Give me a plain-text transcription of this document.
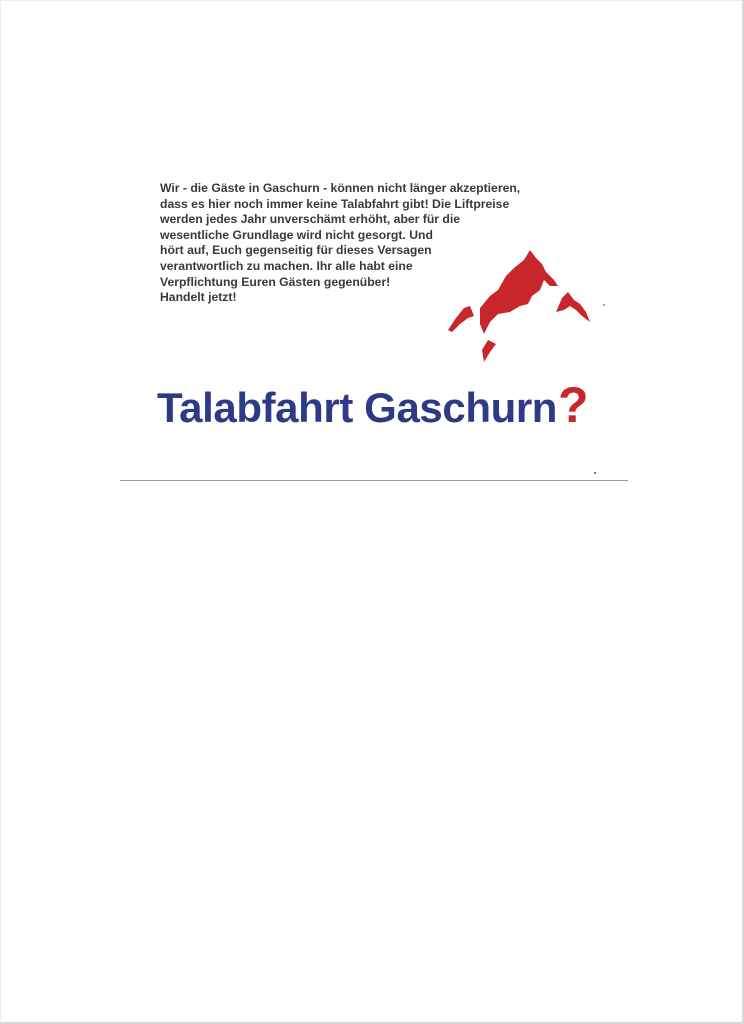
Wir - die Gäste in Gaschurn - können nicht länger akzeptieren,
dass es hier noch immer keine Talabfahrt gibt! Die Liftpreise
werden jedes Jahr unverschämt erhöht, aber für die
wesentliche Grundlage wird nicht gesorgt. Und
hört auf, Euch gegenseitig für dieses Versagen
verantwortlich zu machen. Ihr alle habt eine
Verpflichtung Euren Gästen gegenüber!
Handelt jetzt!
Talabfahrt Gaschurn?
